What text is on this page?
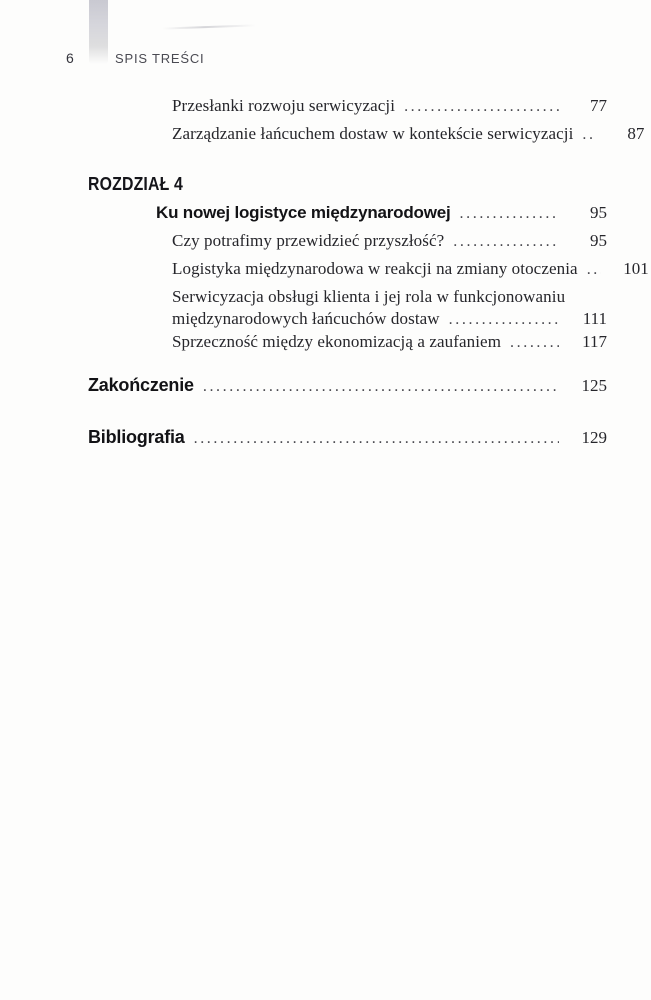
6	SPIS TREŚCI
Przesłanki rozwoju serwicyzacji .....	77
Zarządzanie łańcuchem dostaw w kontekście serwicyzacji .....	87
ROZDZIAŁ 4
Ku nowej logistyce międzynarodowej .....	95
Czy potrafimy przewidzieć przyszłość? .....	95
Logistyka międzynarodowa w reakcji na zmiany otoczenia .....	101
Serwicyzacja obsługi klienta i jej rola w funkcjonowaniu
międzynarodowych łańcuchów dostaw .....	111
Sprzeczność między ekonomizacją a zaufaniem .....	117
Zakończenie .....	125
Bibliografia .....	129
